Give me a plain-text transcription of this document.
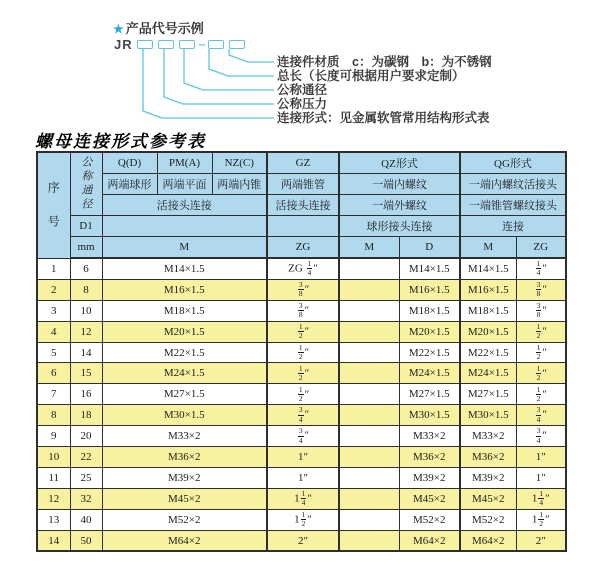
★ 产品代号示例
JR	–
连接件材质　c：为碳钢　b：为不锈钢
总长（长度可根据用户要求定制）
公称通径
公称压力
连接形式：见金属软管常用结构形式表
螺母连接形式参考表
序号	公称通径	Q(D)	PM(A)	NZ(C)	GZ	QZ形式		QG形式	
		两端球形	两端平面	两端内锥	两端锥管	一端内螺纹		一端内螺纹活接头	
		活接头连接			活接头连接	一端外螺纹		一端锥管螺纹接头	
	D1					球形接头连接		连接	
	mm	M			ZG	M	D	M	ZG
1	6	M14×1.5			ZG $\frac{1}{4}$ ″		M14×1.5	M14×1.5	$\frac{1}{4}$ ″
2	8	M16×1.5			$\frac{3}{8}$ ″		M16×1.5	M16×1.5	$\frac{3}{8}$ ″
3	10	M18×1.5			$\frac{3}{8}$ ″		M18×1.5	M18×1.5	$\frac{3}{8}$ ″
4	12	M20×1.5			$\frac{1}{2}$ ″		M20×1.5	M20×1.5	$\frac{1}{2}$ ″
5	14	M22×1.5			$\frac{1}{2}$ ″		M22×1.5	M22×1.5	$\frac{1}{2}$ ″
6	15	M24×1.5			$\frac{1}{2}$ ″		M24×1.5	M24×1.5	$\frac{1}{2}$ ″
7	16	M27×1.5			$\frac{1}{2}$ ″		M27×1.5	M27×1.5	$\frac{1}{2}$ ″
8	18	M30×1.5			$\frac{3}{4}$ ″		M30×1.5	M30×1.5	$\frac{3}{4}$ ″
9	20	M33×2			$\frac{3}{4}$ ″		M33×2	M33×2	$\frac{3}{4}$ ″
10	22	M36×2			1″		M36×2	M36×2	1″
11	25	M39×2			1″		M39×2	M39×2	1″
12	32	M45×2			$1 \frac{1}{4}$ ″		M45×2	M45×2	$1 \frac{1}{4}$ ″
13	40	M52×2			$1 \frac{1}{2}$ ″		M52×2	M52×2	$1 \frac{1}{2}$ ″
14	50	M64×2			2″		M64×2	M64×2	2″
